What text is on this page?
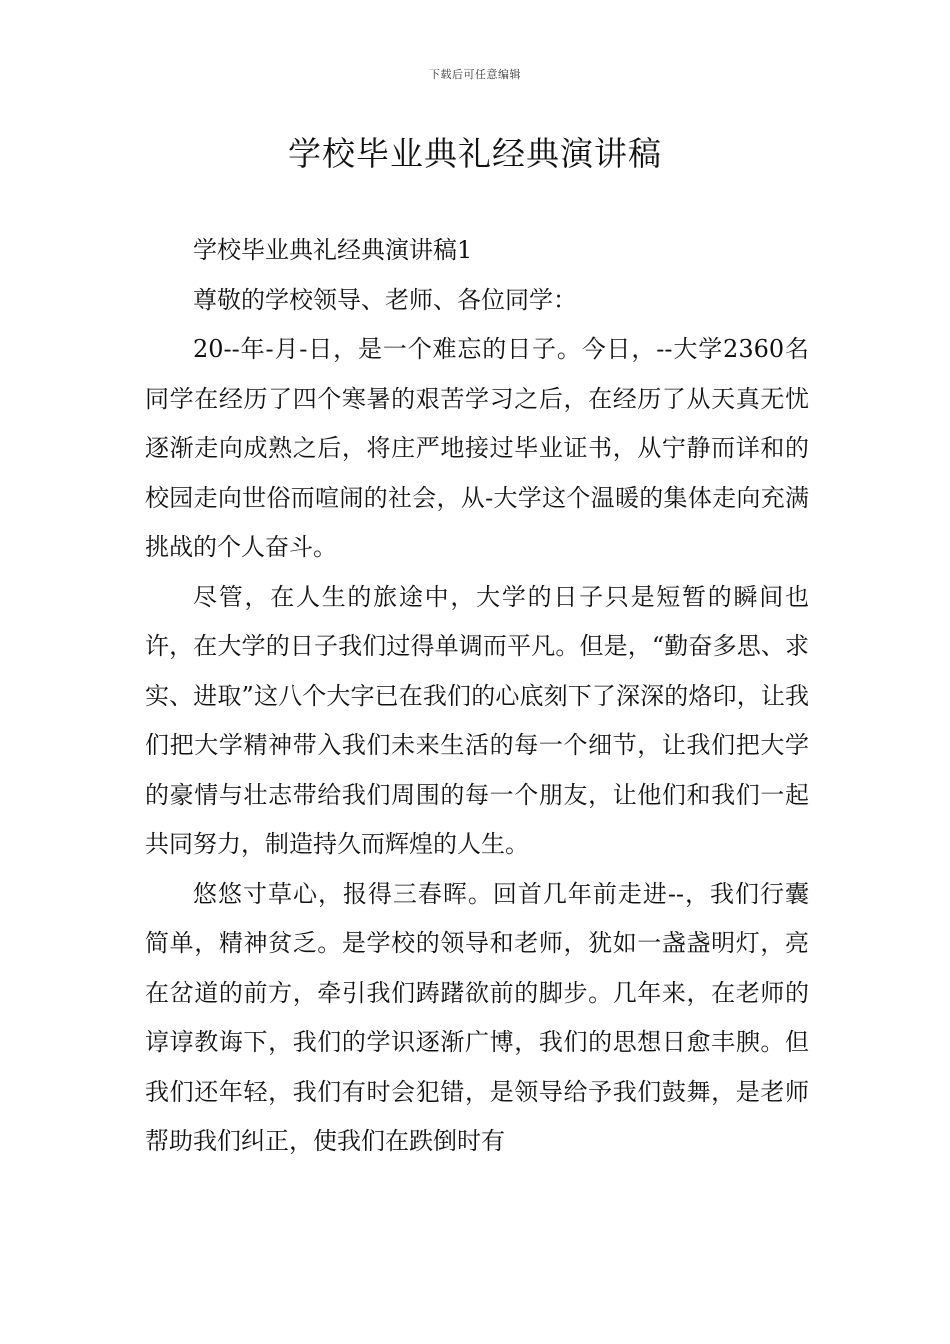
下载后可任意编辑
学校毕业典礼经典演讲稿

学校毕业典礼经典演讲稿1

尊敬的学校领导、老师、各位同学：

20--年-月-日，是一个难忘的日子。今日，--大学2360名同学在经历了四个寒暑的艰苦学习之后，在经历了从天真无忧逐渐走向成熟之后，将庄严地接过毕业证书，从宁静而详和的校园走向世俗而喧闹的社会，从-大学这个温暖的集体走向充满挑战的个人奋斗。

尽管，在人生的旅途中，大学的日子只是短暂的瞬间也许，在大学的日子我们过得单调而平凡。但是，“勤奋多思、求实、进取”这八个大字已在我们的心底刻下了深深的烙印，让我们把大学精神带入我们未来生活的每一个细节，让我们把大学的豪情与壮志带给我们周围的每一个朋友，让他们和我们一起共同努力，制造持久而辉煌的人生。

悠悠寸草心，报得三春晖。回首几年前走进--，我们行囊简单，精神贫乏。是学校的领导和老师，犹如一盏盏明灯，亮在岔道的前方，牵引我们踌躇欲前的脚步。几年来，在老师的谆谆教诲下，我们的学识逐渐广博，我们的思想日愈丰腴。但我们还年轻，我们有时会犯错，是领导给予我们鼓舞，是老师帮助我们纠正，使我们在跌倒时有
